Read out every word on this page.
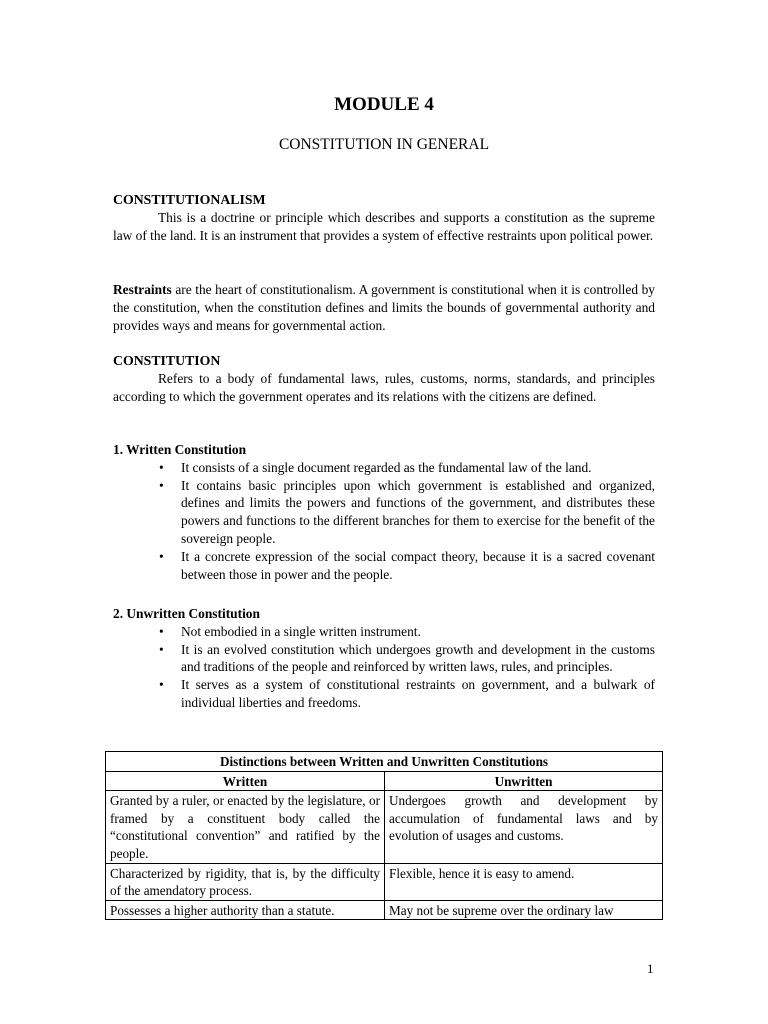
MODULE 4
CONSTITUTION IN GENERAL
CONSTITUTIONALISM

This is a doctrine or principle which describes and supports a constitution as the supreme law of the land. It is an instrument that provides a system of effective restraints upon political power.

Restraints are the heart of constitutionalism. A government is constitutional when it is controlled by the constitution, when the constitution defines and limits the bounds of governmental authority and provides ways and means for governmental action.

CONSTITUTION

Refers to a body of fundamental laws, rules, customs, norms, standards, and principles according to which the government operates and its relations with the citizens are defined.

1. Written Constitution
• It consists of a single document regarded as the fundamental law of the land.
• It contains basic principles upon which government is established and organized, defines and limits the powers and functions of the government, and distributes these powers and functions to the different branches for them to exercise for the benefit of the sovereign people.
• It a concrete expression of the social compact theory, because it is a sacred covenant between those in power and the people.
2. Unwritten Constitution
• Not embodied in a single written instrument.
• It is an evolved constitution which undergoes growth and development in the customs and traditions of the people and reinforced by written laws, rules, and principles.
• It serves as a system of constitutional restraints on government, and a bulwark of individual liberties and freedoms.
Distinctions between Written and Unwritten Constitutions	
Written	Unwritten
Granted by a ruler, or enacted by the legislature, or framed by a constituent body called the “constitutional convention” and ratified by the people.	Undergoes growth and development by accumulation of fundamental laws and by evolution of usages and customs.
Characterized by rigidity, that is, by the difficulty of the amendatory process.	Flexible, hence it is easy to amend.
Possesses a higher authority than a statute.	May not be supreme over the ordinary law
1
